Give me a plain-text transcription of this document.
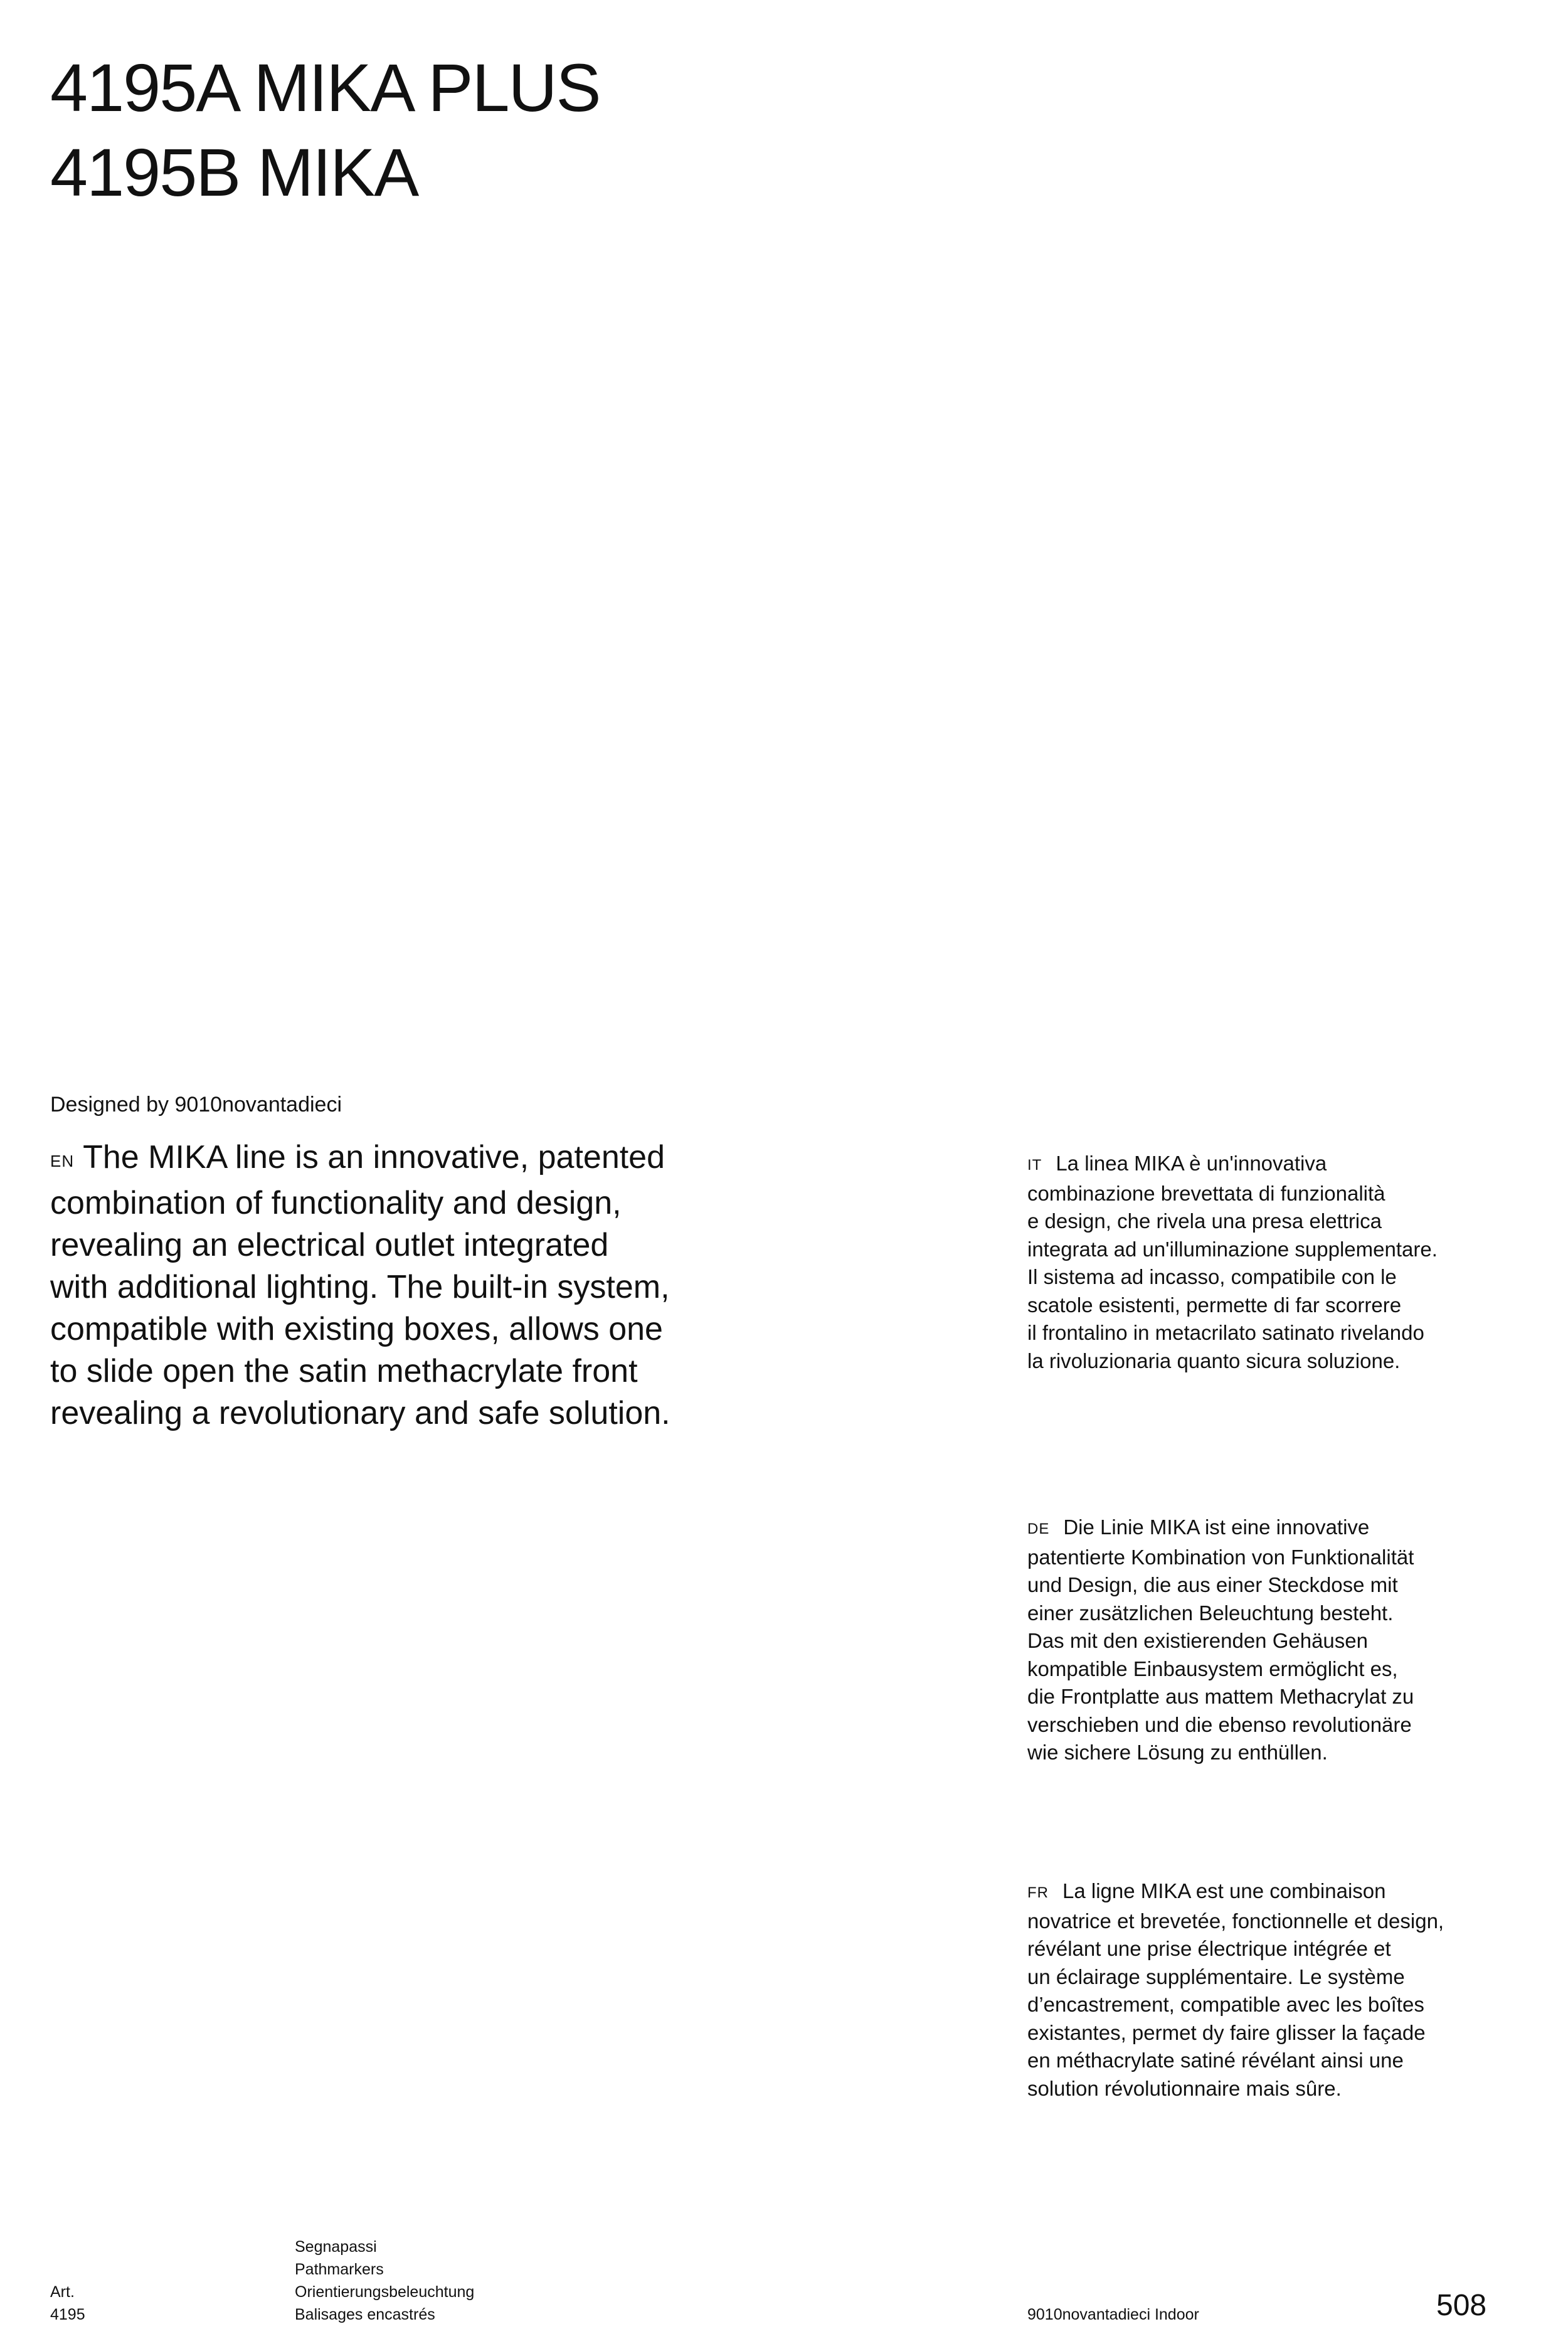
4195A MIKA PLUS
4195B MIKA
Designed by 9010novantadieci
EN The MIKA line is an innovative, patented
combination of functionality and design,
revealing an electrical outlet integrated
with additional lighting. The built-in system,
compatible with existing boxes, allows one
to slide open the satin methacrylate front
revealing a revolutionary and safe solution.
IT La linea MIKA è un'innovativa
combinazione brevettata di funzionalità
e design, che rivela una presa elettrica
integrata ad un'illuminazione supplementare.
Il sistema ad incasso, compatibile con le
scatole esistenti, permette di far scorrere
il frontalino in metacrilato satinato rivelando
la rivoluzionaria quanto sicura soluzione.
DE Die Linie MIKA ist eine innovative
patentierte Kombination von Funktionalität
und Design, die aus einer Steckdose mit
einer zusätzlichen Beleuchtung besteht.
Das mit den existierenden Gehäusen
kompatible Einbausystem ermöglicht es,
die Frontplatte aus mattem Methacrylat zu
verschieben und die ebenso revolutionäre
wie sichere Lösung zu enthüllen.
FR La ligne MIKA est une combinaison
novatrice et brevetée, fonctionnelle et design,
révélant une prise électrique intégrée et
un éclairage supplémentaire. Le système
d’encastrement, compatible avec les boîtes
existantes, permet dy faire glisser la façade
en méthacrylate satiné révélant ainsi une
solution révolutionnaire mais sûre.
Art.
4195
Segnapassi
Pathmarkers
Orientierungsbeleuchtung
Balisages encastrés	9010novantadieci Indoor	508
